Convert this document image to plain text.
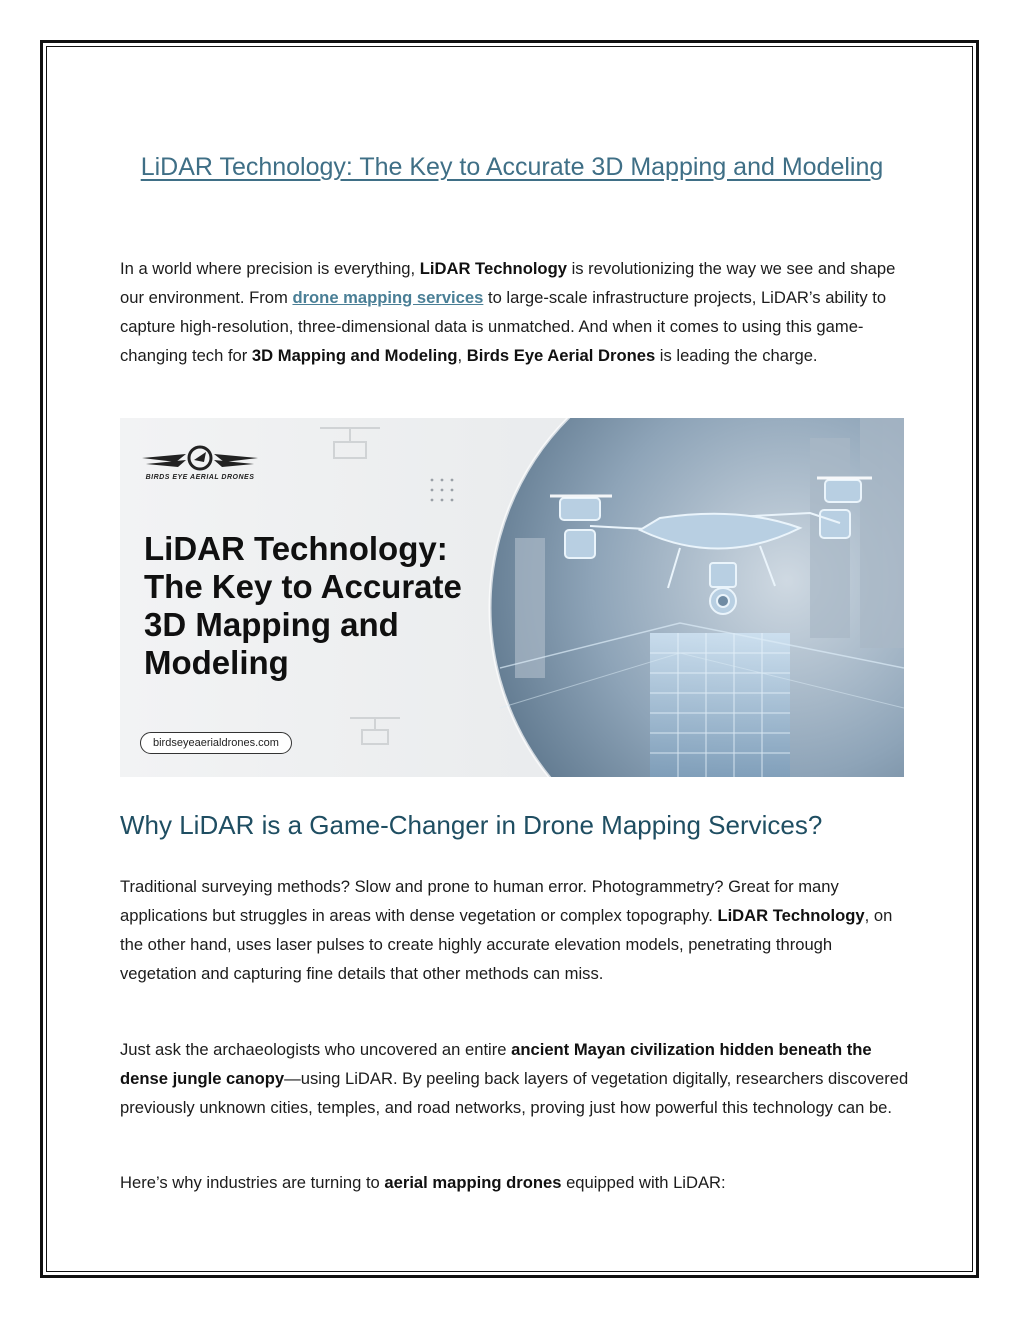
LiDAR Technology: The Key to Accurate 3D Mapping and Modeling

In a world where precision is everything, LiDAR Technology is revolutionizing the way we see and shape our environment. From drone mapping services to large-scale infrastructure projects, LiDAR’s ability to capture high-resolution, three-dimensional data is unmatched. And when it comes to using this game-changing tech for 3D Mapping and Modeling, Birds Eye Aerial Drones is leading the charge.

BIRDS EYE AERIAL DRONES
LiDAR Technology:
The Key to Accurate
3D Mapping and
Modeling
birdseyeaerialdrones.com
Why LiDAR is a Game-Changer in Drone Mapping Services?

Traditional surveying methods? Slow and prone to human error. Photogrammetry? Great for many applications but struggles in areas with dense vegetation or complex topography. LiDAR Technology, on the other hand, uses laser pulses to create highly accurate elevation models, penetrating through vegetation and capturing fine details that other methods can miss.

Just ask the archaeologists who uncovered an entire ancient Mayan civilization hidden beneath the dense jungle canopy—using LiDAR. By peeling back layers of vegetation digitally, researchers discovered previously unknown cities, temples, and road networks, proving just how powerful this technology can be.

Here’s why industries are turning to aerial mapping drones equipped with LiDAR:
